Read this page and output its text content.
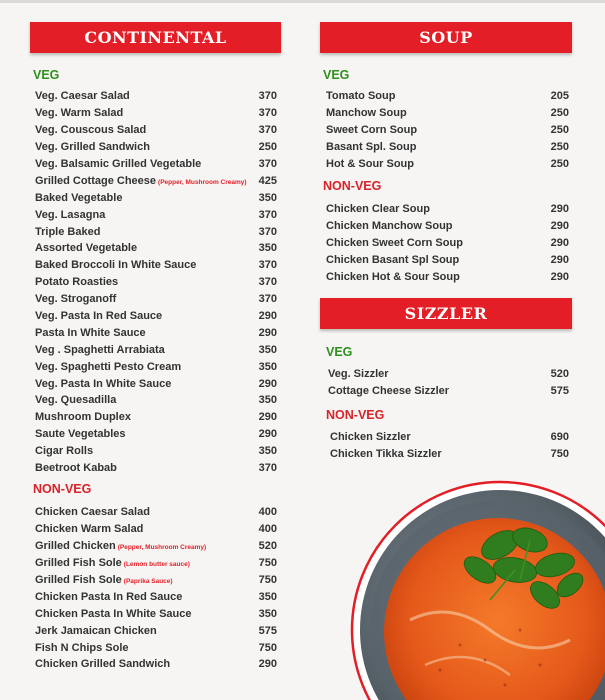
CONTINENTAL
VEG
Veg. Caesar Salad	370
Veg. Warm Salad	370
Veg. Couscous Salad	370
Veg. Grilled Sandwich	250
Veg. Balsamic Grilled Vegetable	370
Grilled Cottage Cheese (Pepper, Mushroom Creamy)	425
Baked Vegetable	350
Veg. Lasagna	370
Triple Baked	370
Assorted Vegetable	350
Baked Broccoli In White Sauce	370
Potato Roasties	370
Veg. Stroganoff	370
Veg. Pasta In Red Sauce	290
Pasta In White Sauce	290
Veg . Spaghetti Arrabiata	350
Veg. Spaghetti Pesto Cream	350
Veg. Pasta In White Sauce	290
Veg. Quesadilla	350
Mushroom Duplex	290
Saute Vegetables	290
Cigar Rolls	350
Beetroot Kabab	370
NON-VEG
Chicken Caesar Salad	400
Chicken Warm Salad	400
Grilled Chicken (Pepper, Mushroom Creamy)	520
Grilled Fish Sole (Lemon butter sauce)	750
Grilled Fish Sole (Paprika Sauce)	750
Chicken Pasta In Red Sauce	350
Chicken Pasta In White Sauce	350
Jerk Jamaican Chicken	575
Fish N Chips Sole	750
Chicken Grilled Sandwich	290
SOUP
VEG
Tomato Soup	205
Manchow Soup	250
Sweet Corn Soup	250
Basant Spl. Soup	250
Hot & Sour Soup	250
NON-VEG
Chicken Clear Soup	290
Chicken Manchow Soup	290
Chicken Sweet Corn Soup	290
Chicken Basant Spl Soup	290
Chicken Hot & Sour Soup	290
SIZZLER
VEG
Veg. Sizzler	520
Cottage Cheese Sizzler	575
NON-VEG
Chicken Sizzler	690
Chicken Tikka Sizzler	750
